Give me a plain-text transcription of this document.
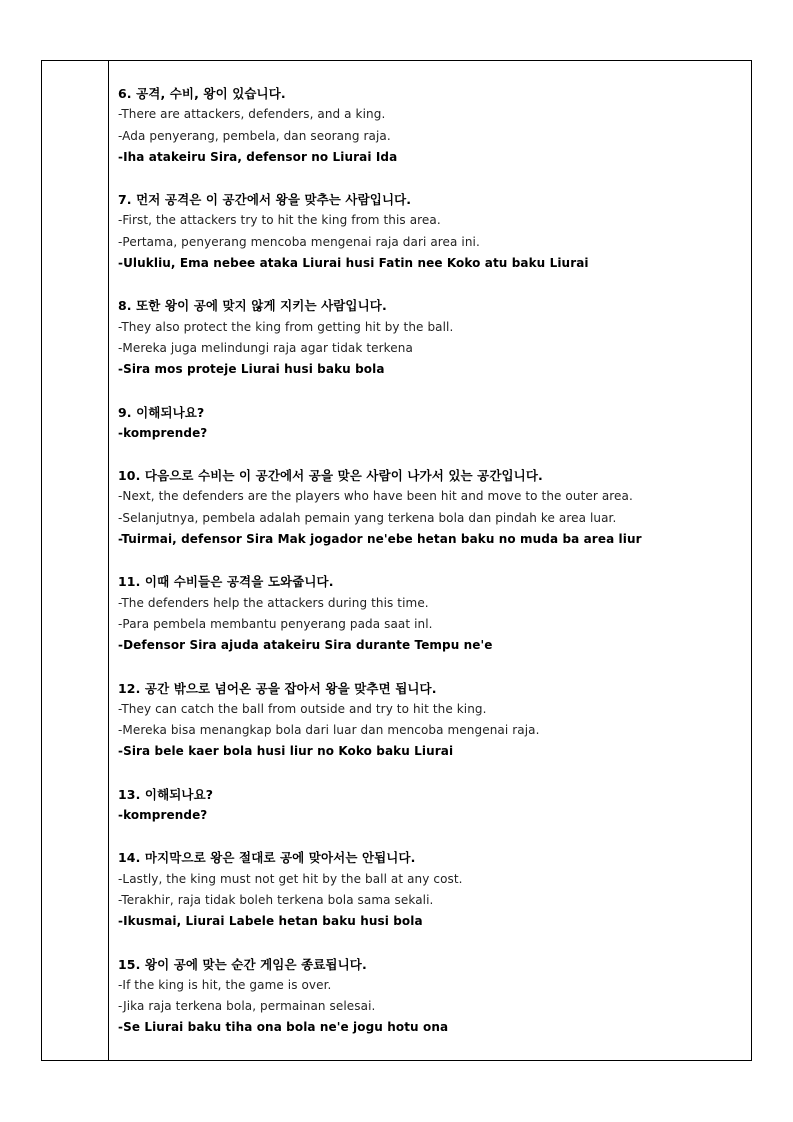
6. 공격, 수비, 왕이 있습니다.
-There are attackers, defenders, and a king.
-Ada penyerang, pembela, dan seorang raja.
-Iha atakeiru Sira, defensor no Liurai Ida
7. 먼저 공격은 이 공간에서 왕을 맞추는 사람입니다.
-First, the attackers try to hit the king from this area.
-Pertama, penyerang mencoba mengenai raja dari area ini.
-Ulukliu, Ema nebee ataka Liurai husi Fatin nee Koko atu baku Liurai
8. 또한 왕이 공에 맞지 않게 지키는 사람입니다.
-They also protect the king from getting hit by the ball.
-Mereka juga melindungi raja agar tidak terkena
-Sira mos proteje Liurai husi baku bola
9. 이해되나요?
-komprende?
10. 다음으로 수비는 이 공간에서 공을 맞은 사람이 나가서 있는 공간입니다.
-Next, the defenders are the players who have been hit and move to the outer area.
-Selanjutnya, pembela adalah pemain yang terkena bola dan pindah ke area luar.
-Tuirmai, defensor Sira Mak jogador ne'ebe hetan baku no muda ba area liur
11. 이때 수비들은 공격을 도와줍니다.
-The defenders help the attackers during this time.
-Para pembela membantu penyerang pada saat inl.
-Defensor Sira ajuda atakeiru Sira durante Tempu ne'e
12. 공간 밖으로 넘어온 공을 잡아서 왕을 맞추면 됩니다.
-They can catch the ball from outside and try to hit the king.
-Mereka bisa menangkap bola dari luar dan mencoba mengenai raja.
-Sira bele kaer bola husi liur no Koko baku Liurai
13. 이해되나요?
-komprende?
14. 마지막으로 왕은 절대로 공에 맞아서는 안됩니다.
-Lastly, the king must not get hit by the ball at any cost.
-Terakhir, raja tidak boleh terkena bola sama sekali.
-Ikusmai, Liurai Labele hetan baku husi bola
15. 왕이 공에 맞는 순간 게임은 종료됩니다.
-If the king is hit, the game is over.
-Jika raja terkena bola, permainan selesai.
-Se Liurai baku tiha ona bola ne'e jogu hotu ona
